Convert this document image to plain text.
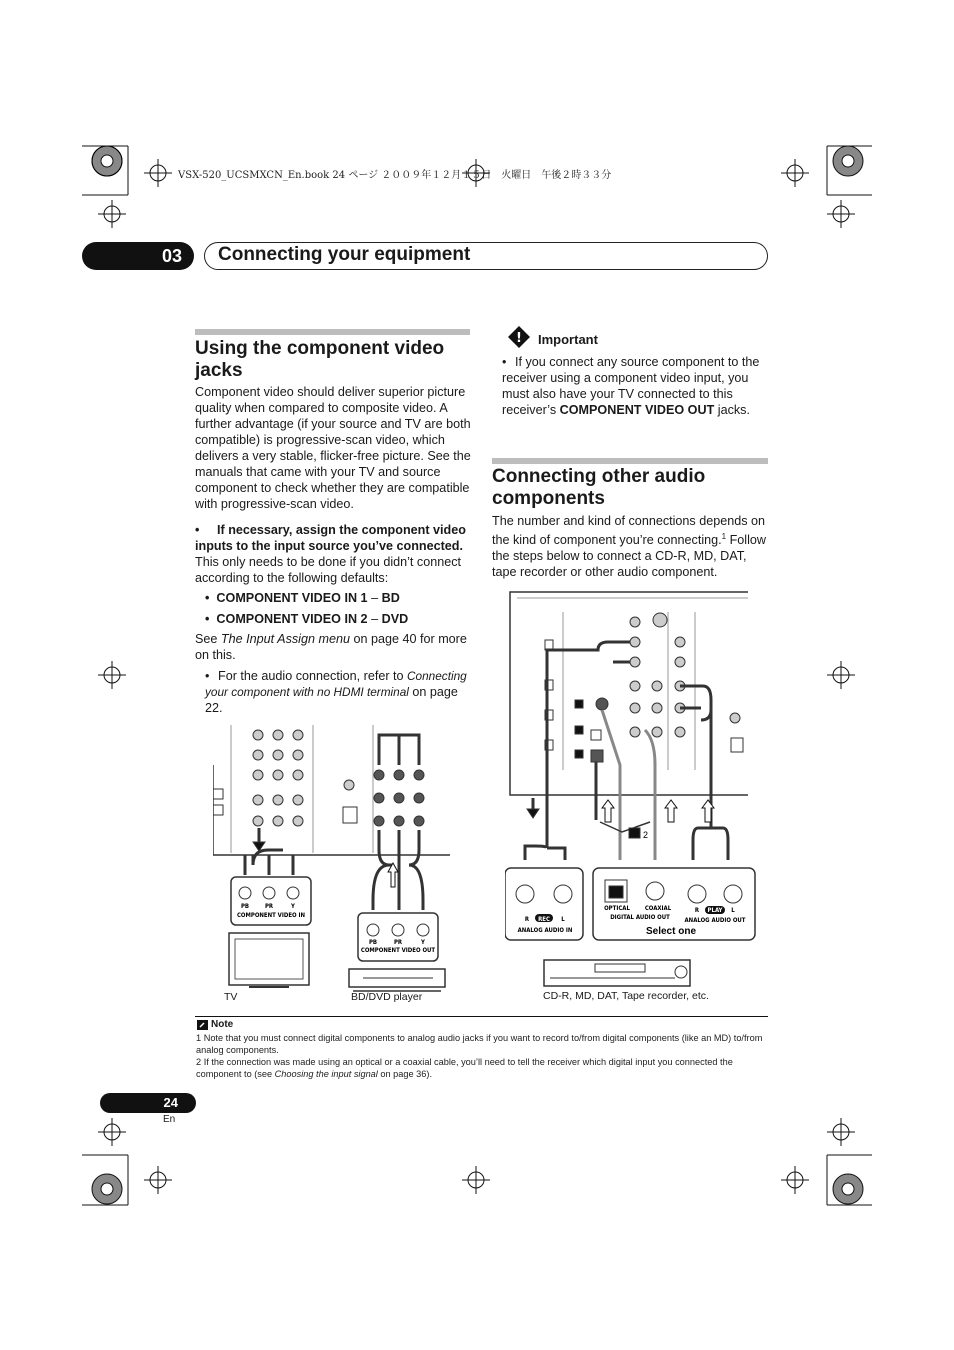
VSX-520_UCSMXCN_En.book 24 ページ ２００９年１２月１５日　火曜日　午後２時３３分
03 Connecting your equipment
Using the component video jacks

Component video should deliver superior picture quality when compared to composite video. A further advantage (if your source and TV are both compatible) is progressive-scan video, which delivers a very stable, flicker-free picture. See the manuals that came with your TV and source component to check whether they are compatible with progressive-scan video.

• If necessary, assign the component video inputs to the input source you’ve connected.

This only needs to be done if you didn’t connect according to the following defaults:

•  COMPONENT VIDEO IN 1 – BD
•  COMPONENT VIDEO IN 2 – DVD

See The Input Assign menu on page 40 for more on this.

• For the audio connection, refer to Connecting your component with no HDMI terminal on page 22.
! Important
• If you connect any source component to the receiver using a component video input, you must also have your TV connected to this receiver’s COMPONENT VIDEO OUT jacks.
Connecting other audio components

The number and kind of connections depends on the kind of component you’re connecting.$^1$ Follow the steps below to connect a CD-R, MD, DAT, tape recorder or other audio component.

COMPONENT VIDEO IN
COMPONENT VIDEO OUT
PB	PR	Y
PB	PR	Y
TV	BD/DVD player
R REC L
ANALOG AUDIO IN
OPTICAL COAXIAL
DIGITAL AUDIO OUT
R PLAY L
ANALOG AUDIO OUT
Select one
2
CD-R, MD, DAT, Tape recorder, etc.
Note
1 Note that you must connect digital components to analog audio jacks if you want to record to/from digital components (like an MD) to/from analog components.
2 If the connection was made using an optical or a coaxial cable, you’ll need to tell the receiver which digital input you connected the component to (see Choosing the input signal on page 36).
24
En
